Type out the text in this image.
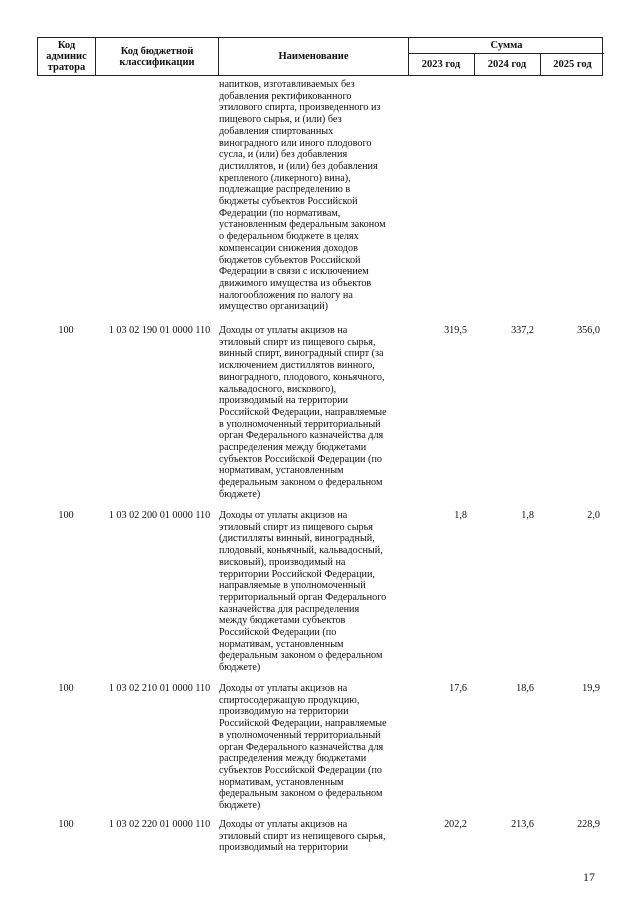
Код
админис
тратора
Код бюджетной
классификации	Наименование
Сумма
2023 год	2024 год	2025 год
напитков, изготавливаемых без
добавления ректификованного
этилового спирта, произведенного из
пищевого сырья, и (или) без
добавления спиртованных
виноградного или иного плодового
сусла, и (или) без добавления
дистиллятов, и (или) без добавления
крепленого (ликерного) вина),
подлежащие распределению в
бюджеты субъектов Российской
Федерации (по нормативам,
установленным федеральным законом
о федеральном бюджете в целях
компенсации снижения доходов
бюджетов субъектов Российской
Федерации в связи с исключением
движимого имущества из объектов
налогообложения по налогу на
имущество организаций)
100	1 03 02 190 01 0000 110 Доходы от уплаты акцизов на
этиловый спирт из пищевого сырья,
винный спирт, виноградный спирт (за
исключением дистиллятов винного,
виноградного, плодового, коньячного,
кальвадосного, вискового),
производимый на территории
Российской Федерации, направляемые
в уполномоченный территориальный
орган Федерального казначейства для
распределения между бюджетами
субъектов Российской Федерации (по
нормативам, установленным
федеральным законом о федеральном
бюджете)
319,5	337,2	356,0
100	1 03 02 200 01 0000 110 Доходы от уплаты акцизов на
этиловый спирт из пищевого сырья
(дистилляты винный, виноградный,
плодовый, коньячный, кальвадосный,
висковый), производимый на
территории Российской Федерации,
направляемые в уполномоченный
территориальный орган Федерального
казначейства для распределения
между бюджетами субъектов
Российской Федерации (по
нормативам, установленным
федеральным законом о федеральном
бюджете)
1,8	1,8	2,0
100	1 03 02 210 01 0000 110 Доходы от уплаты акцизов на
спиртосодержащую продукцию,
производимую на территории
Российской Федерации, направляемые
в уполномоченный территориальный
орган Федерального казначейства для
распределения между бюджетами
субъектов Российской Федерации (по
нормативам, установленным
федеральным законом о федеральном
бюджете)
17,6	18,6	19,9
100	1 03 02 220 01 0000 110 Доходы от уплаты акцизов на
этиловый спирт из непищевого сырья,
производимый на территории
202,2	213,6	228,9
17
